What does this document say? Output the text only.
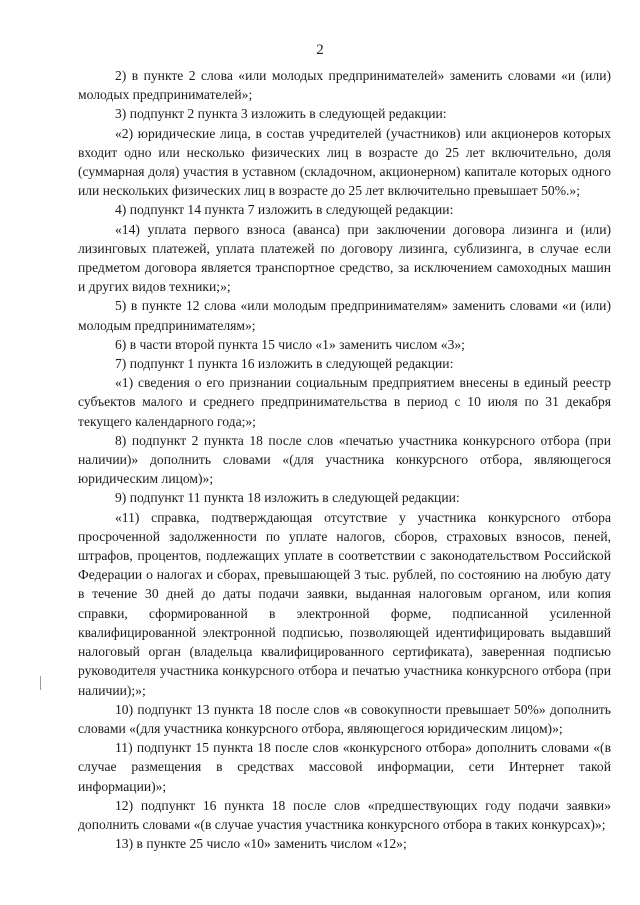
2

2) в пункте 2 слова «или молодых предпринимателей» заменить словами «и (или) молодых предпринимателей»;

3) подпункт 2 пункта 3 изложить в следующей редакции:

«2) юридические лица, в состав учредителей (участников) или акционеров которых входит одно или несколько физических лиц в возрасте до 25 лет включительно, доля (суммарная доля) участия в уставном (складочном, акционерном) капитале которых одного или нескольких физических лиц в возрасте до 25 лет включительно превышает 50%.»;

4) подпункт 14 пункта 7 изложить в следующей редакции:

«14) уплата первого взноса (аванса) при заключении договора лизинга и (или) лизинговых платежей, уплата платежей по договору лизинга, сублизинга, в случае если предметом договора является транспортное средство, за исключением самоходных машин и других видов техники;»;

5) в пункте 12 слова «или молодым предпринимателям» заменить словами «и (или) молодым предпринимателям»;

6) в части второй пункта 15 число «1» заменить числом «3»;

7) подпункт 1 пункта 16 изложить в следующей редакции:

«1) сведения о его признании социальным предприятием внесены в единый реестр субъектов малого и среднего предпринимательства в период с 10 июля по 31 декабря текущего календарного года;»;

8) подпункт 2 пункта 18 после слов «печатью участника конкурсного отбора (при наличии)» дополнить словами «(для участника конкурсного отбора, являющегося юридическим лицом)»;

9) подпункт 11 пункта 18 изложить в следующей редакции:

«11) справка, подтверждающая отсутствие у участника конкурсного отбора просроченной задолженности по уплате налогов, сборов, страховых взносов, пеней, штрафов, процентов, подлежащих уплате в соответствии с законодательством Российской Федерации о налогах и сборах, превышающей 3 тыс. рублей, по состоянию на любую дату в течение 30 дней до даты подачи заявки, выданная налоговым органом, или копия справки, сформированной в электронной форме, подписанной усиленной квалифицированной электронной подписью, позволяющей идентифицировать выдавший налоговый орган (владельца квалифицированного сертификата), заверенная подписью руководителя участника конкурсного отбора и печатью участника конкурсного отбора (при наличии);»;

10) подпункт 13 пункта 18 после слов «в совокупности превышает 50%» дополнить словами «(для участника конкурсного отбора, являющегося юридическим лицом)»;

11) подпункт 15 пункта 18 после слов «конкурсного отбора» дополнить словами «(в случае размещения в средствах массовой информации, сети Интернет такой информации)»;

12) подпункт 16 пункта 18 после слов «предшествующих году подачи заявки» дополнить словами «(в случае участия участника конкурсного отбора в таких конкурсах)»;

13) в пункте 25 число «10» заменить числом «12»;
